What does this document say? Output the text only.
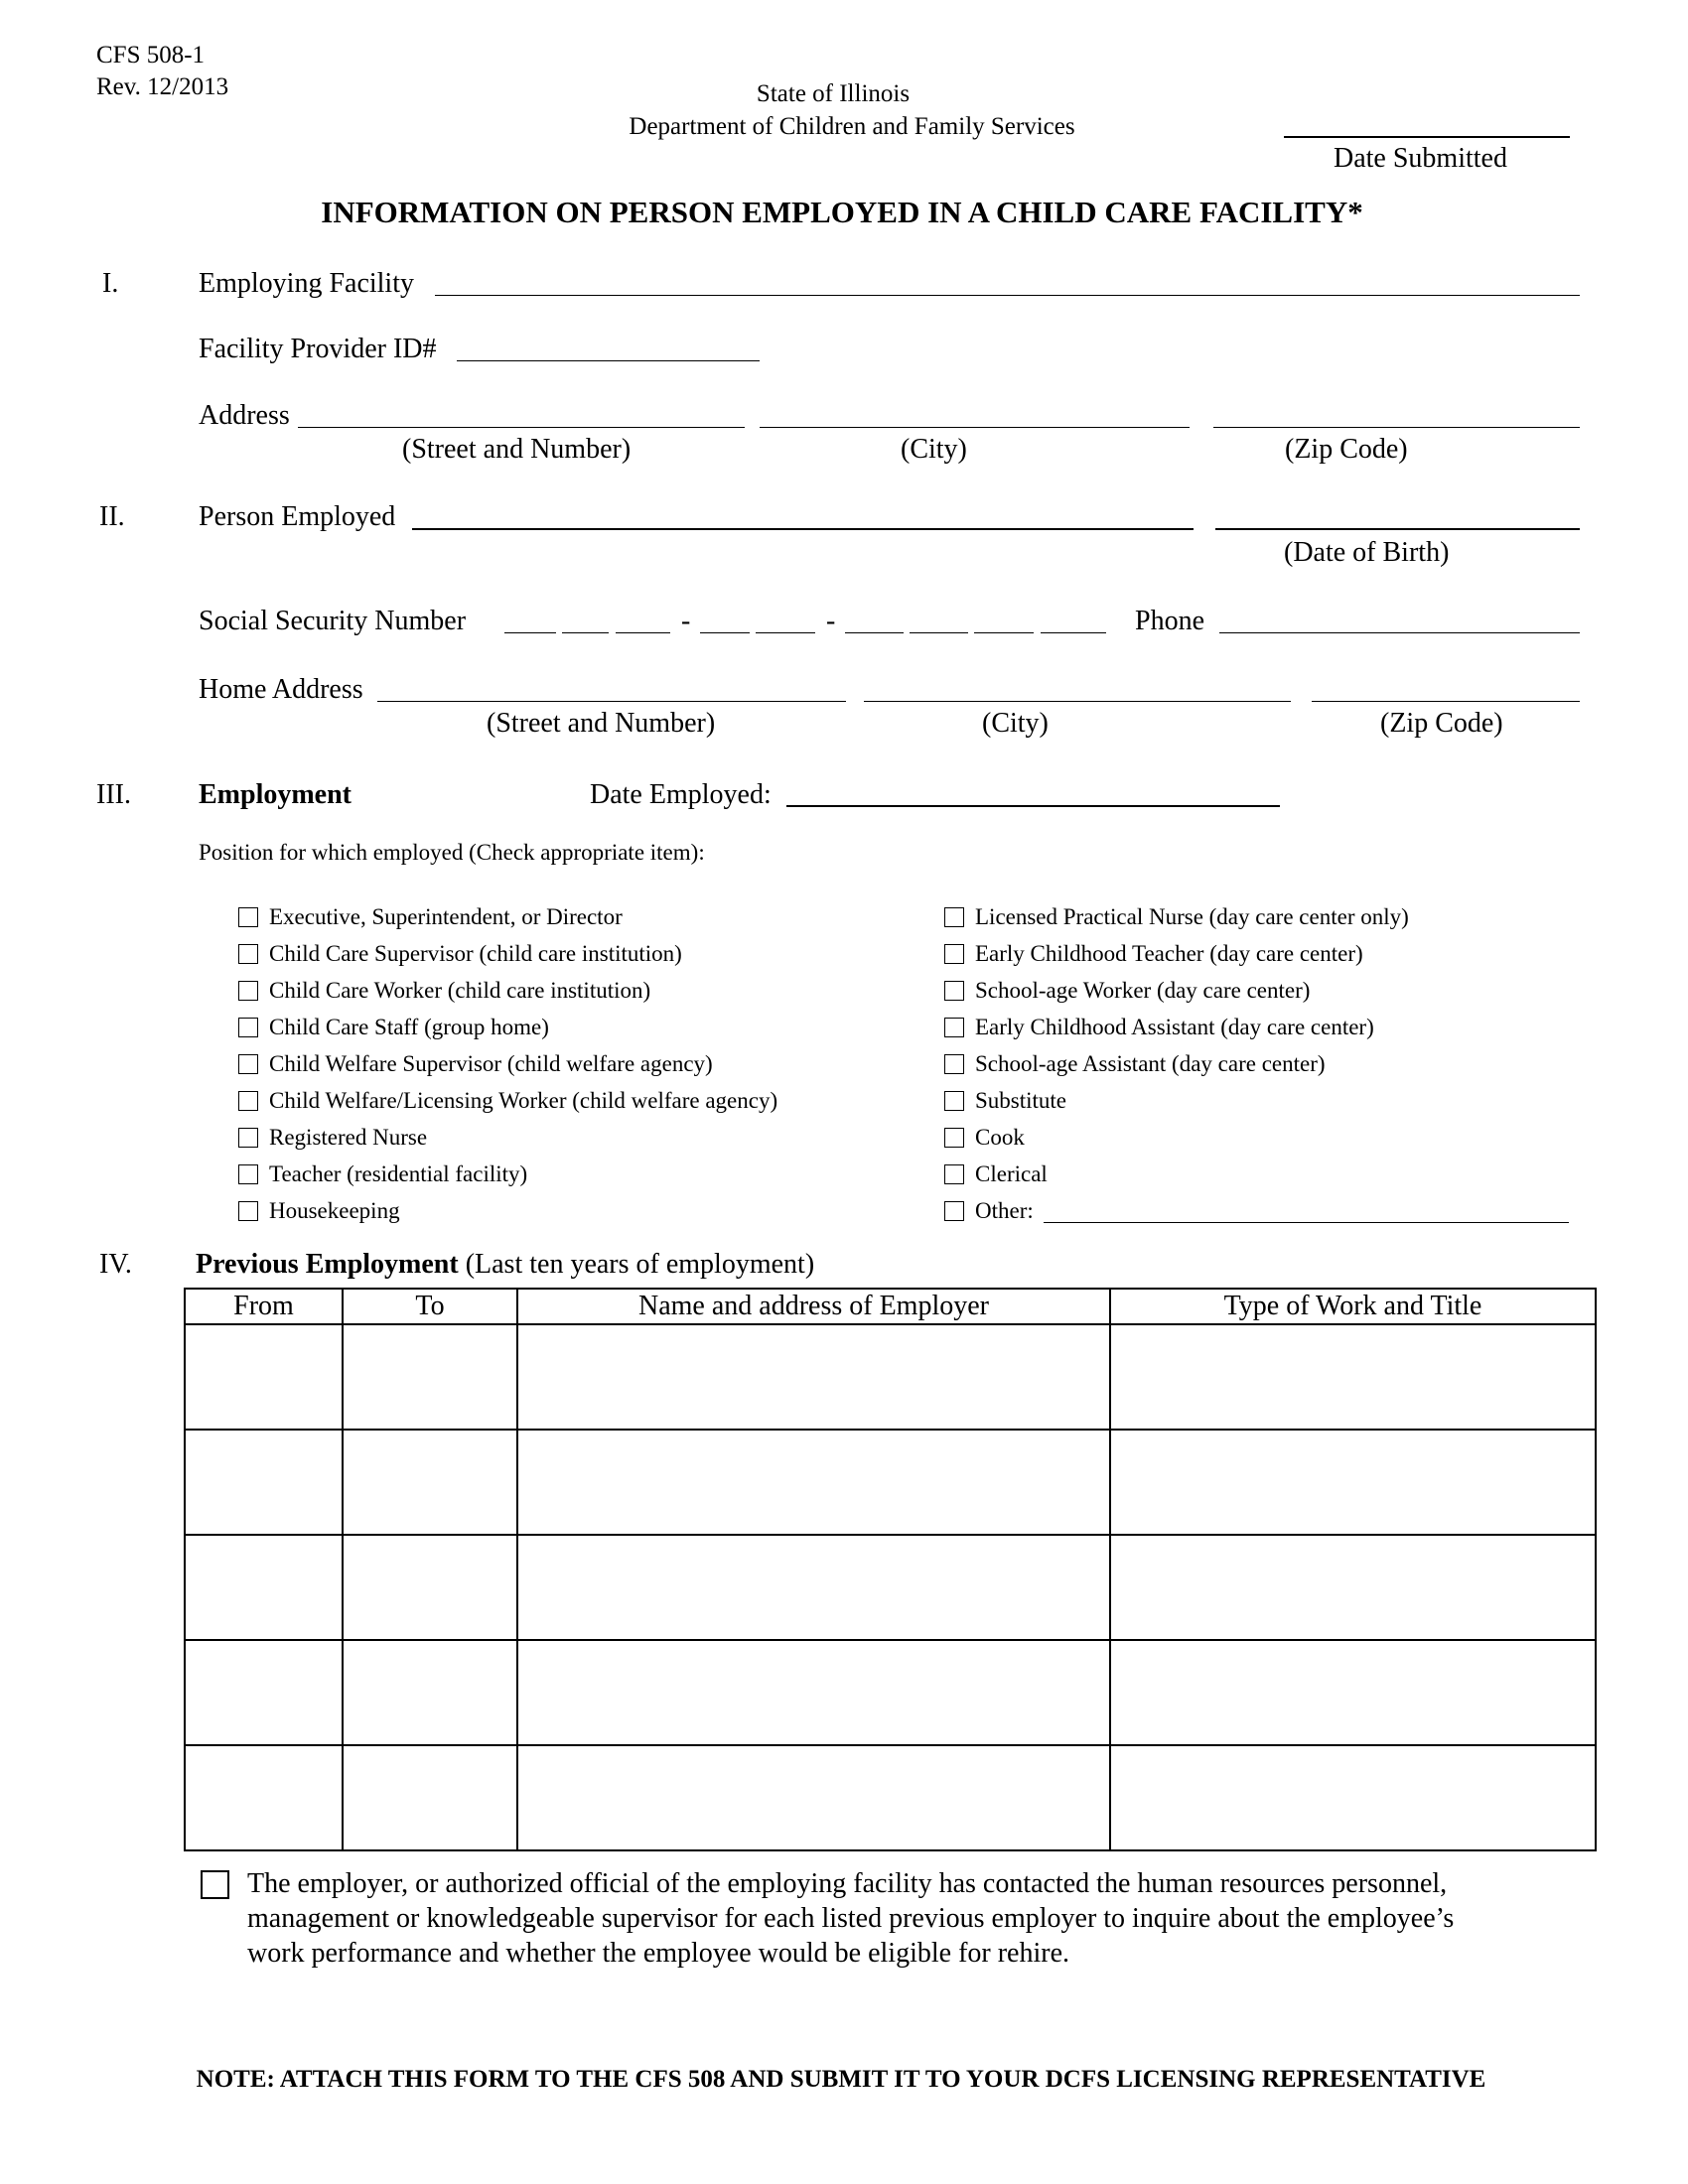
CFS 508-1
Rev. 12/2013	State of Illinois
Department of Children and Family Services
Date Submitted
INFORMATION ON PERSON EMPLOYED IN A CHILD CARE FACILITY*
I.	Employing Facility
Facility Provider ID#
Address
(Street and Number)	(City)	(Zip Code)
II.	Person Employed
(Date of Birth)
Social Security Number	-	-	Phone
Home Address
(Street and Number)	(City)	(Zip Code)
III. Employment	Date Employed:
Position for which employed (Check appropriate item):
Executive, Superintendent, or Director
Child Care Supervisor (child care institution)
Child Care Worker (child care institution)
Child Care Staff (group home)
Child Welfare Supervisor (child welfare agency)
Child Welfare/Licensing Worker (child welfare agency)
Registered Nurse
Teacher (residential facility)
Housekeeping
Licensed Practical Nurse (day care center only)
Early Childhood Teacher (day care center)
School-age Worker (day care center)
Early Childhood Assistant (day care center)
School-age Assistant (day care center)
Substitute
Cook
Clerical
Other:
IV. Previous Employment (Last ten years of employment)
From	To	Name and address of Employer	Type of Work and Title

The employer, or authorized official of the employing facility has contacted the human resources personnel,
management or knowledgeable supervisor for each listed previous employer to inquire about the employee’s
work performance and whether the employee would be eligible for rehire.
NOTE: ATTACH THIS FORM TO THE CFS 508 AND SUBMIT IT TO YOUR DCFS LICENSING REPRESENTATIVE
